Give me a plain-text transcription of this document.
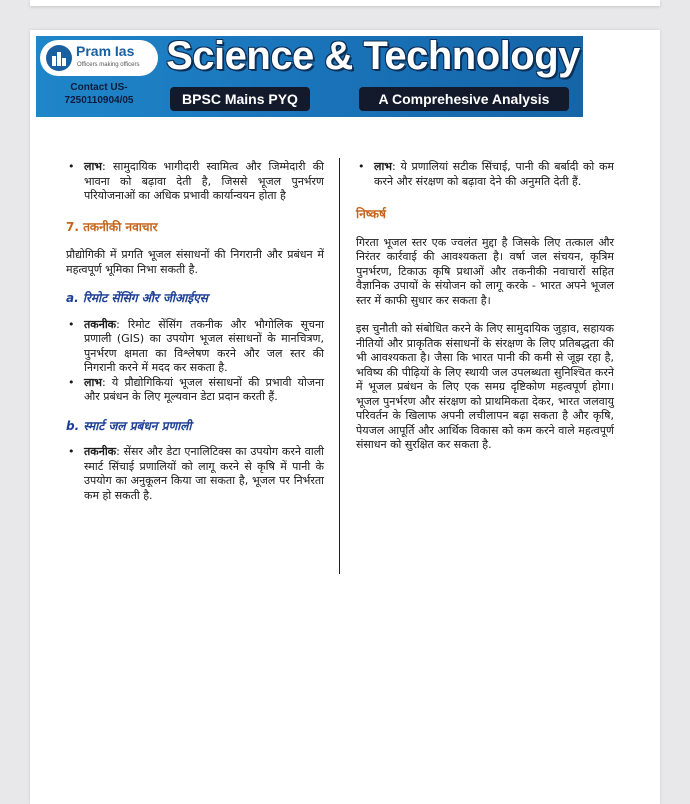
Pram Ias
Officers making officers
Contact US-
7250110904/05
Science & Technology
BPSC Mains PYQ	A Comprehesive Analysis
• लाभ: सामुदायिक भागीदारी स्वामित्व और जिम्मेदारी की भावना को बढ़ावा देती है, जिससे भूजल पुनर्भरण परियोजनाओं का अधिक प्रभावी कार्यान्वयन होता है
7. तकनीकी नवाचार

प्रौद्योगिकी में प्रगति भूजल संसाधनों की निगरानी और प्रबंधन में महत्वपूर्ण भूमिका निभा सकती है.

a. रिमोट सेंसिंग और जीआईएस
• तकनीक: रिमोट सेंसिंग तकनीक और भौगोलिक सूचना प्रणाली (GIS) का उपयोग भूजल संसाधनों के मानचित्रण, पुनर्भरण क्षमता का विश्लेषण करने और जल स्तर की निगरानी करने में मदद कर सकता है.
• लाभ: ये प्रौद्योगिकियां भूजल संसाधनों की प्रभावी योजना और प्रबंधन के लिए मूल्यवान डेटा प्रदान करती हैं.
b. स्मार्ट जल प्रबंधन प्रणाली
• तकनीक: सेंसर और डेटा एनालिटिक्स का उपयोग करने वाली स्मार्ट सिंचाई प्रणालियों को लागू करने से कृषि में पानी के उपयोग का अनुकूलन किया जा सकता है, भूजल पर निर्भरता कम हो सकती है.
• लाभ: ये प्रणालियां सटीक सिंचाई, पानी की बर्बादी को कम करने और संरक्षण को बढ़ावा देने की अनुमति देती हैं.
निष्कर्ष

गिरता भूजल स्तर एक ज्वलंत मुद्दा है जिसके लिए तत्काल और निरंतर कार्रवाई की आवश्यकता है। वर्षा जल संचयन, कृत्रिम पुनर्भरण, टिकाऊ कृषि प्रथाओं और तकनीकी नवाचारों सहित वैज्ञानिक उपायों के संयोजन को लागू करके - भारत अपने भूजल स्तर में काफी सुधार कर सकता है।

इस चुनौती को संबोधित करने के लिए सामुदायिक जुड़ाव, सहायक नीतियों और प्राकृतिक संसाधनों के संरक्षण के लिए प्रतिबद्धता की भी आवश्यकता है। जैसा कि भारत पानी की कमी से जूझ रहा है, भविष्य की पीढ़ियों के लिए स्थायी जल उपलब्धता सुनिश्चित करने में भूजल प्रबंधन के लिए एक समग्र दृष्टिकोण महत्वपूर्ण होगा। भूजल पुनर्भरण और संरक्षण को प्राथमिकता देकर, भारत जलवायु परिवर्तन के खिलाफ अपनी लचीलापन बढ़ा सकता है और कृषि, पेयजल आपूर्ति और आर्थिक विकास को कम करने वाले महत्वपूर्ण संसाधन को सुरक्षित कर सकता है.
